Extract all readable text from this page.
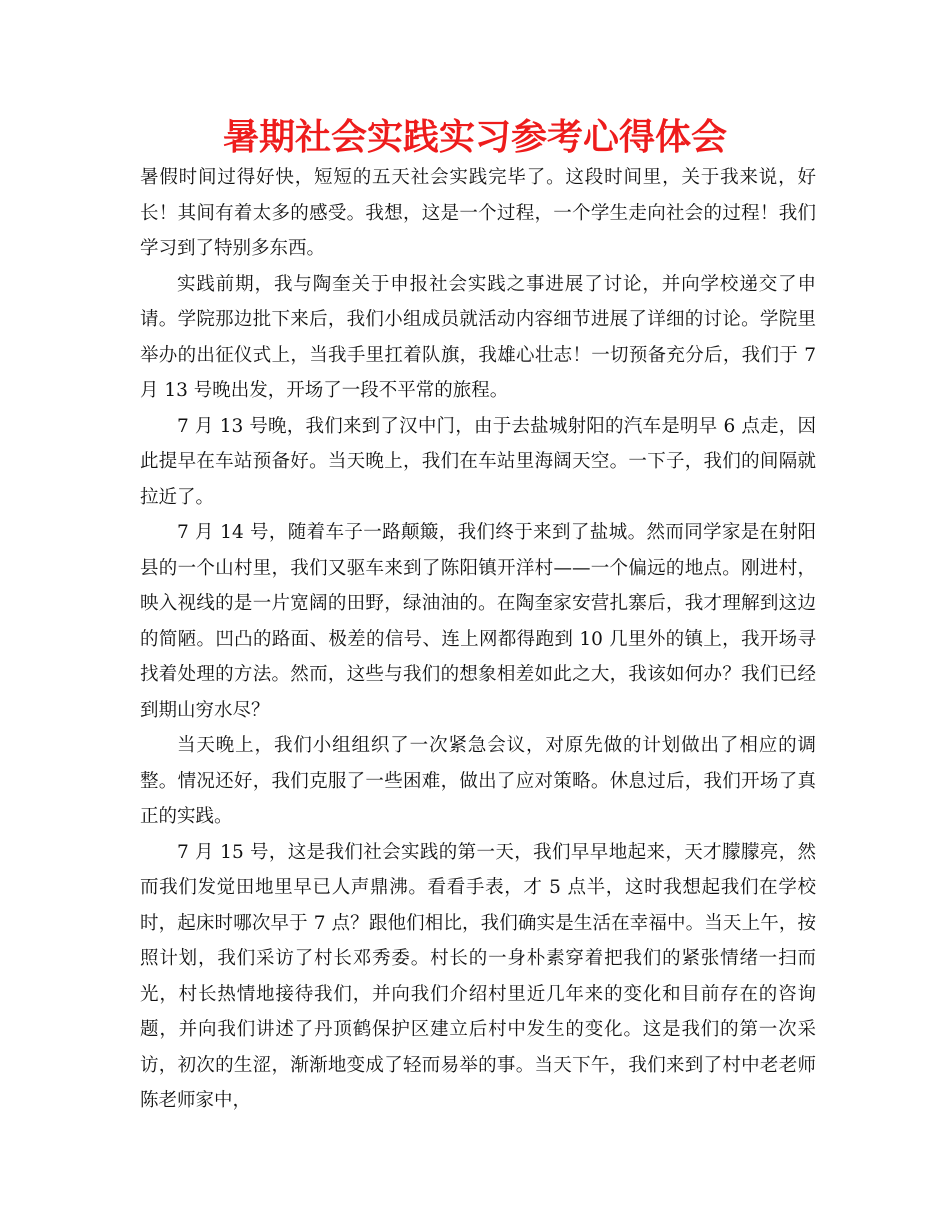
暑期社会实践实习参考心得体会

暑假时间过得好快，短短的五天社会实践完毕了。这段时间里，关于我来说，好长！其间有着太多的感受。我想，这是一个过程，一个学生走向社会的过程！我们学习到了特别多东西。

实践前期，我与陶奎关于申报社会实践之事进展了讨论，并向学校递交了申请。学院那边批下来后，我们小组成员就活动内容细节进展了详细的讨论。学院里举办的出征仪式上，当我手里扛着队旗，我雄心壮志！一切预备充分后，我们于 7 月 13 号晚出发，开场了一段不平常的旅程。

7 月 13 号晚，我们来到了汉中门，由于去盐城射阳的汽车是明早 6 点走，因此提早在车站预备好。当天晚上，我们在车站里海阔天空。一下子，我们的间隔就拉近了。

7 月 14 号，随着车子一路颠簸，我们终于来到了盐城。然而同学家是在射阳县的一个山村里，我们又驱车来到了陈阳镇开洋村——一个偏远的地点。刚进村，映入视线的是一片宽阔的田野，绿油油的。在陶奎家安营扎寨后，我才理解到这边的简陋。凹凸的路面、极差的信号、连上网都得跑到 10 几里外的镇上，我开场寻找着处理的方法。然而，这些与我们的想象相差如此之大，我该如何办？我们已经到期山穷水尽？

当天晚上，我们小组组织了一次紧急会议，对原先做的计划做出了相应的调整。情况还好，我们克服了一些困难，做出了应对策略。休息过后，我们开场了真正的实践。

7 月 15 号，这是我们社会实践的第一天，我们早早地起来，天才朦朦亮，然而我们发觉田地里早已人声鼎沸。看看手表，才 5 点半，这时我想起我们在学校时，起床时哪次早于 7 点？跟他们相比，我们确实是生活在幸福中。当天上午，按照计划，我们采访了村长邓秀委。村长的一身朴素穿着把我们的紧张情绪一扫而光，村长热情地接待我们，并向我们介绍村里近几年来的变化和目前存在的咨询题，并向我们讲述了丹顶鹤保护区建立后村中发生的变化。这是我们的第一次采访，初次的生涩，渐渐地变成了轻而易举的事。当天下午，我们来到了村中老老师陈老师家中，
